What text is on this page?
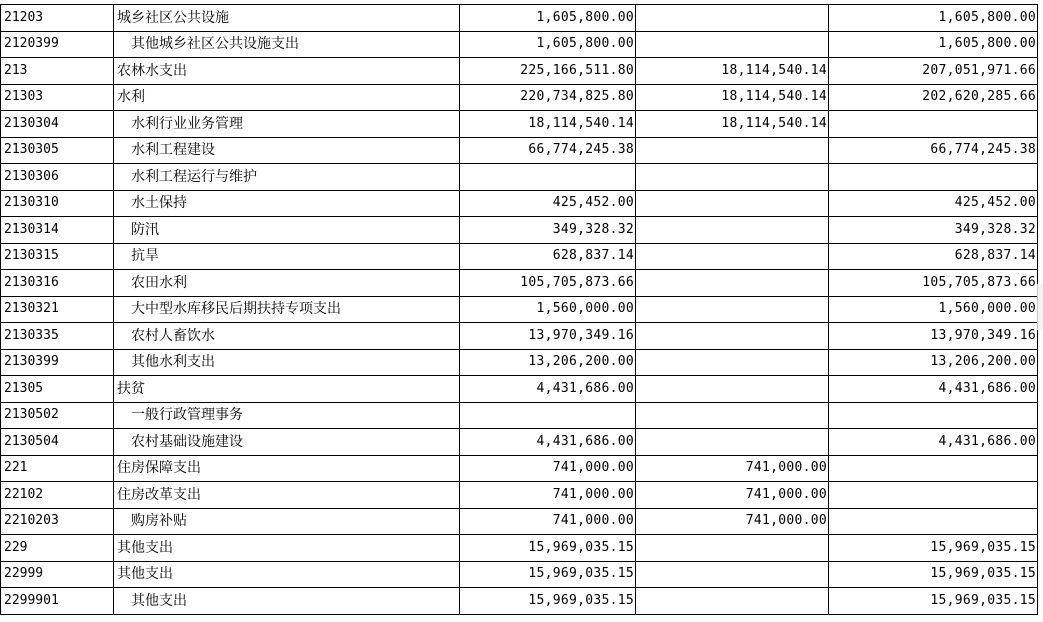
21203	城乡社区公共设施	1,605,800.00		1,605,800.00
2120399	其他城乡社区公共设施支出	1,605,800.00		1,605,800.00
213	农林水支出	225,166,511.80	18,114,540.14	207,051,971.66
21303	水利	220,734,825.80	18,114,540.14	202,620,285.66
2130304	水利行业业务管理	18,114,540.14	18,114,540.14	
2130305	水利工程建设	66,774,245.38		66,774,245.38
2130306	水利工程运行与维护			
2130310	水土保持	425,452.00		425,452.00
2130314	防汛	349,328.32		349,328.32
2130315	抗旱	628,837.14		628,837.14
2130316	农田水利	105,705,873.66		105,705,873.66
2130321	大中型水库移民后期扶持专项支出	1,560,000.00		1,560,000.00
2130335	农村人畜饮水	13,970,349.16		13,970,349.16
2130399	其他水利支出	13,206,200.00		13,206,200.00
21305	扶贫	4,431,686.00		4,431,686.00
2130502	一般行政管理事务			
2130504	农村基础设施建设	4,431,686.00		4,431,686.00
221	住房保障支出	741,000.00	741,000.00	
22102	住房改革支出	741,000.00	741,000.00	
2210203	购房补贴	741,000.00	741,000.00	
229	其他支出	15,969,035.15		15,969,035.15
22999	其他支出	15,969,035.15		15,969,035.15
2299901	其他支出	15,969,035.15		15,969,035.15
